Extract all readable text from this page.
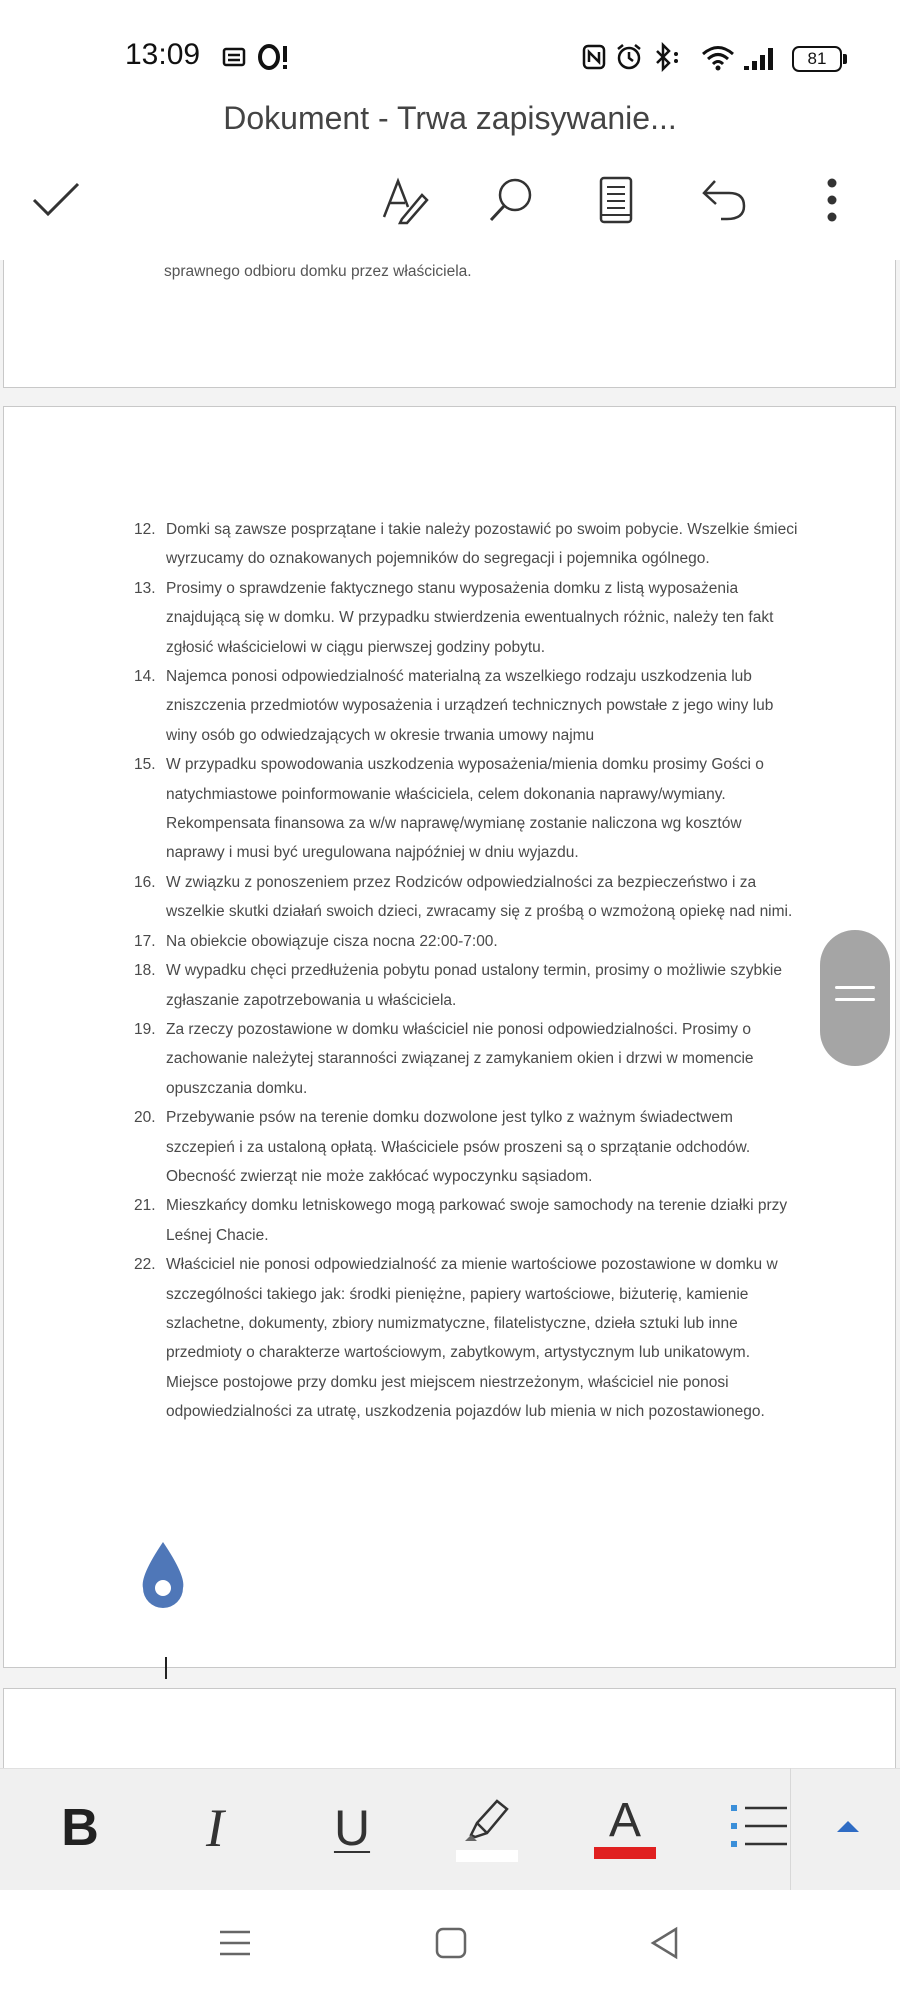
13:09	81
Dokument - Trwa zapisywanie...
sprawnego odbioru domku przez właściciela.
12. Domki są zawsze posprzątane i takie należy pozostawić po swoim pobycie. Wszelkie śmieci wyrzucamy do oznakowanych pojemników do segregacji i pojemnika ogólnego.
13. Prosimy o sprawdzenie faktycznego stanu wyposażenia domku z listą wyposażenia znajdującą się w domku. W przypadku stwierdzenia ewentualnych różnic, należy ten fakt zgłosić właścicielowi w ciągu pierwszej godziny pobytu.
14. Najemca ponosi odpowiedzialność materialną za wszelkiego rodzaju uszkodzenia lub zniszczenia przedmiotów wyposażenia i urządzeń technicznych powstałe z jego winy lub winy osób go odwiedzających w okresie trwania umowy najmu
15. W przypadku spowodowania uszkodzenia wyposażenia/mienia domku prosimy Gości o natychmiastowe poinformowanie właściciela, celem dokonania naprawy/wymiany. Rekompensata finansowa za w/w naprawę/wymianę zostanie naliczona wg kosztów naprawy i musi być uregulowana najpóźniej w dniu wyjazdu.
16. W związku z ponoszeniem przez Rodziców odpowiedzialności za bezpieczeństwo i za wszelkie skutki działań swoich dzieci, zwracamy się z prośbą o wzmożoną opiekę nad nimi.
17. Na obiekcie obowiązuje cisza nocna 22:00-7:00.
18. W wypadku chęci przedłużenia pobytu ponad ustalony termin, prosimy o możliwie szybkie zgłaszanie zapotrzebowania u właściciela.
19. Za rzeczy pozostawione w domku właściciel nie ponosi odpowiedzialności. Prosimy o zachowanie należytej staranności związanej z zamykaniem okien i drzwi w momencie opuszczania domku.
20. Przebywanie psów na terenie domku dozwolone jest tylko z ważnym świadectwem szczepień i za ustaloną opłatą. Właściciele psów proszeni są o sprzątanie odchodów. Obecność zwierząt nie może zakłócać wypoczynku sąsiadom.
21. Mieszkańcy domku letniskowego mogą parkować swoje samochody na terenie działki przy Leśnej Chacie.
22. Właściciel nie ponosi odpowiedzialność za mienie wartościowe pozostawione w domku w szczególności takiego jak: środki pieniężne, papiery wartościowe, biżuterię, kamienie szlachetne, dokumenty, zbiory numizmatyczne, filatelistyczne, dzieła sztuki lub inne przedmioty o charakterze wartościowym, zabytkowym, artystycznym lub unikatowym. Miejsce postojowe przy domku jest miejscem niestrzeżonym, właściciel nie ponosi odpowiedzialności za utratę, uszkodzenia pojazdów lub mienia w nich pozostawionego.
B I U	A
